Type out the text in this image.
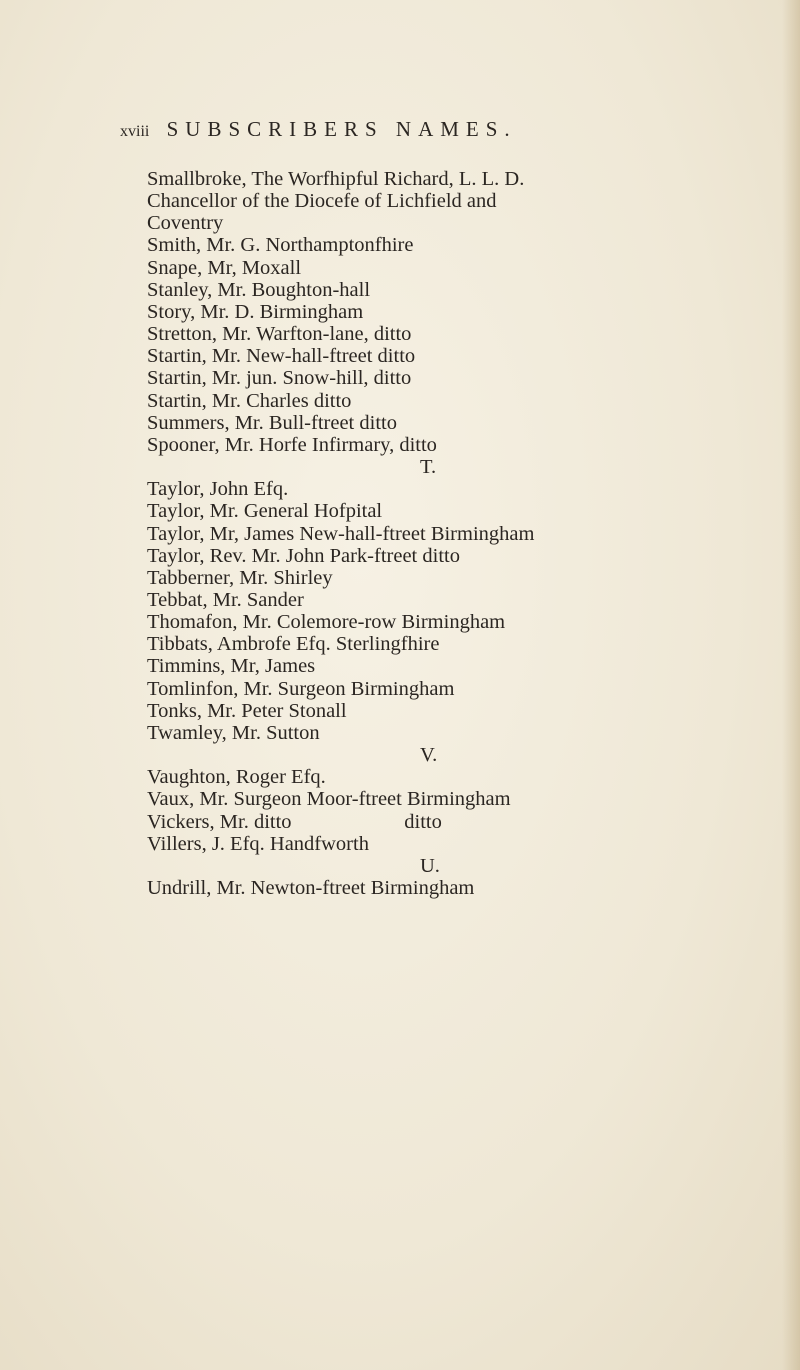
xviii SUBSCRIBERS NAMES.
Smallbroke, The Worfhipful Richard, L. L. D.
Chancellor of the Diocefe of Lichfield and
Coventry
Smith, Mr. G. Northamptonfhire
Snape, Mr, Moxall
Stanley, Mr. Boughton-hall
Story, Mr. D. Birmingham
Stretton, Mr. Warfton-lane, ditto
Startin, Mr. New-hall-ftreet ditto
Startin, Mr. jun. Snow-hill, ditto
Startin, Mr. Charles ditto
Summers, Mr. Bull-ftreet ditto
Spooner, Mr. Horfe Infirmary, ditto
T.
Taylor, John Efq.
Taylor, Mr. General Hofpital
Taylor, Mr, James New-hall-ftreet Birmingham
Taylor, Rev. Mr. John Park-ftreet ditto
Tabberner, Mr. Shirley
Tebbat, Mr. Sander
Thomafon, Mr. Colemore-row Birmingham
Tibbats, Ambrofe Efq. Sterlingfhire
Timmins, Mr, James
Tomlinfon, Mr. Surgeon Birmingham
Tonks, Mr. Peter Stonall
Twamley, Mr. Sutton
V.
Vaughton, Roger Efq.
Vaux, Mr. Surgeon Moor-ftreet Birmingham
Vickers, Mr. ditto                      ditto
Villers, J. Efq. Handfworth
U.
Undrill, Mr. Newton-ftreet Birmingham
